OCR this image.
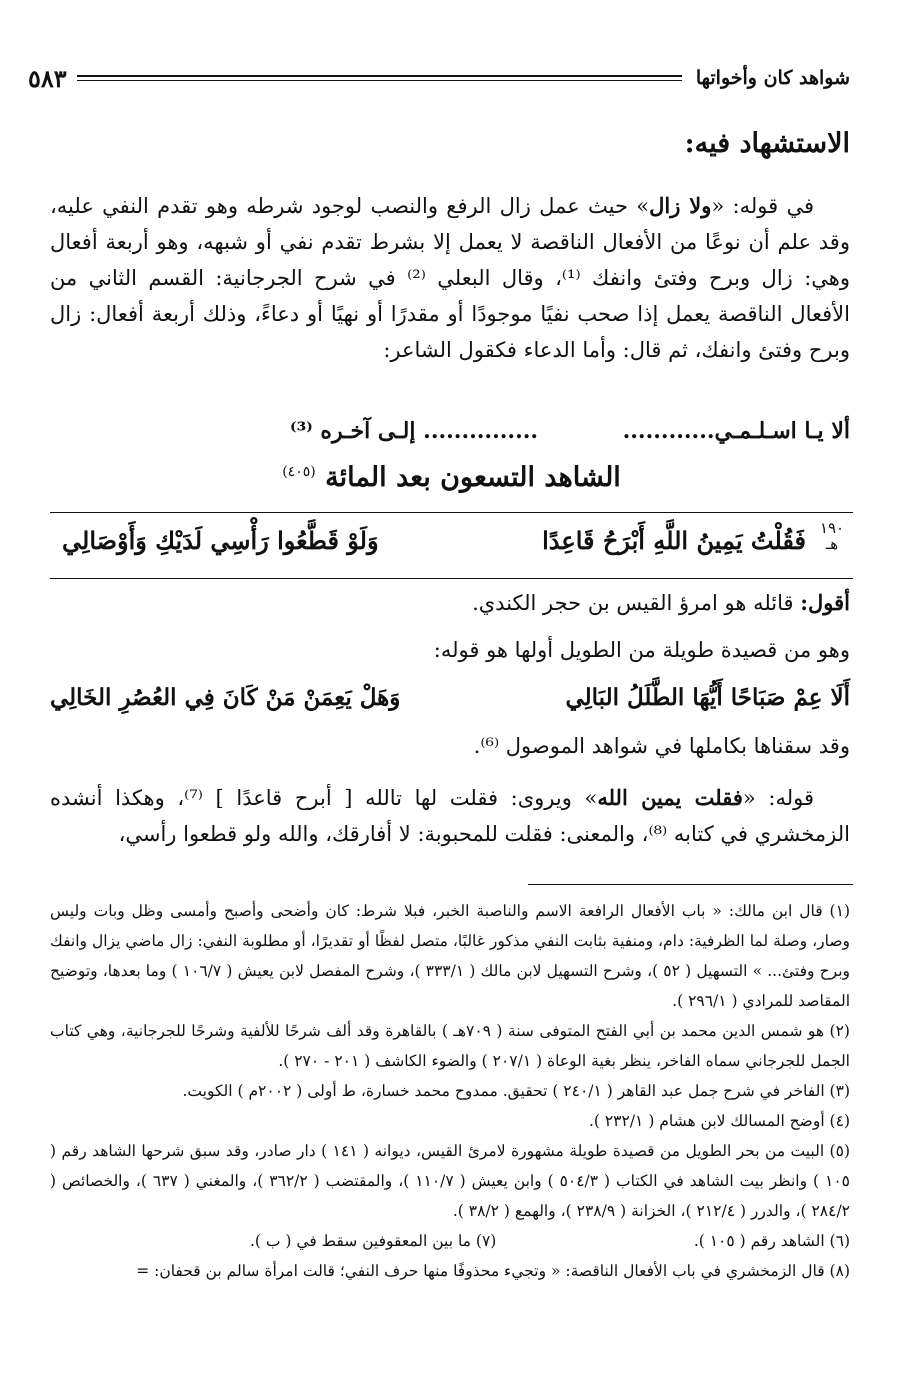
شواهد كان وأخواتها
٥٨٣
الاستشهاد فيه:
في قوله: «ولا زال» حيث عمل زال الرفع والنصب لوجود شرطه وهو تقدم النفي عليه، وقد علم أن نوعًا من الأفعال الناقصة لا يعمل إلا بشرط تقدم نفي أو شبهه، وهو أربعة أفعال وهي: زال وبرح وفتئ وانفك ⁽¹⁾، وقال البعلي ⁽²⁾ في شرح الجرجانية: القسم الثاني من الأفعال الناقصة يعمل إذا صحب نفيًا موجودًا أو مقدرًا أو نهيًا أو دعاءً، وذلك أربعة أفعال: زال وبرح وفتئ وانفك، ثم قال: وأما الدعاء فكقول الشاعر:
ألا يـا اسـلـمـي............
............... إلـى آخـره ⁽³⁾
الشاهد التسعون بعد المائة $^{(٤٠٥)}$
١٩٠
هـ
فَقُلْتُ يَمِينُ اللَّهِ أَبْرَحُ قَاعِدًا
وَلَوْ قَطَّعُوا رَأْسِي لَدَيْكِ وَأَوْصَالِي
أقول: قائله هو امرؤ القيس بن حجر الكندي.
وهو من قصيدة طويلة من الطويل أولها هو قوله:
أَلَا عِمْ صَبَاحًا أَيُّهَا الطَّلَلُ البَالِي
وَهَلْ يَعِمَنْ مَنْ كَانَ فِي العُصُرِ الخَالِي
وقد سقناها بكاملها في شواهد الموصول ⁽⁶⁾.
قوله: «فقلت يمين الله» ويروى: فقلت لها تالله [ أبرح قاعدًا ] ⁽⁷⁾، وهكذا أنشده الزمخشري في كتابه ⁽⁸⁾، والمعنى: فقلت للمحبوبة: لا أفارقك، والله ولو قطعوا رأسي،

(١) قال ابن مالك: « باب الأفعال الرافعة الاسم والناصبة الخبر، فبلا شرط: كان وأضحى وأصبح وأمسى وظل وبات وليس وصار، وصلة لما الظرفية: دام، ومنفية بثابت النفي مذكور غالبًا، متصل لفظًا أو تقديرًا، أو مطلوبة النفي: زال ماضي يزال وانفك وبرح وفتئ... » التسهيل ( ٥٢ )، وشرح التسهيل لابن مالك ( ٣٣٣/١ )، وشرح المفصل لابن يعيش ( ١٠٦/٧ ) وما بعدها، وتوضيح المقاصد للمرادي ( ٢٩٦/١ ).

(٢) هو شمس الدين محمد بن أبي الفتح المتوفى سنة ( ٧٠٩هـ ) بالقاهرة وقد ألف شرحًا للألفية وشرحًا للجرجانية، وهي كتاب الجمل للجرجاني سماه الفاخر، ينظر بغية الوعاة ( ٢٠٧/١ ) والضوء الكاشف ( ٢٠١ - ٢٧٠ ).

(٣) الفاخر في شرح جمل عبد القاهر ( ٢٤٠/١ ) تحقيق. ممدوح محمد خسارة، ط أولى ( ٢٠٠٢م ) الكويت.

(٤) أوضح المسالك لابن هشام ( ٢٣٢/١ ).

(٥) البيت من بحر الطويل من قصيدة طويلة مشهورة لامرئ القيس، ديوانه ( ١٤١ ) دار صادر، وقد سبق شرحها الشاهد رقم ( ١٠٥ ) وانظر بيت الشاهد في الكتاب ( ٥٠٤/٣ ) وابن يعيش ( ١١٠/٧ )، والمقتضب ( ٣٦٢/٢ )، والمغني ( ٦٣٧ )، والخصائص ( ٢٨٤/٢ )، والدرر ( ٢١٢/٤ )، الخزانة ( ٢٣٨/٩ )، والهمع ( ٣٨/٢ ).

(٦) الشاهد رقم ( ١٠٥ ).
(٧) ما بين المعقوفين سقط في ( ب ).

(٨) قال الزمخشري في باب الأفعال الناقصة: « وتجيء محذوفًا منها حرف النفي؛ قالت امرأة سالم بن قحفان: =
